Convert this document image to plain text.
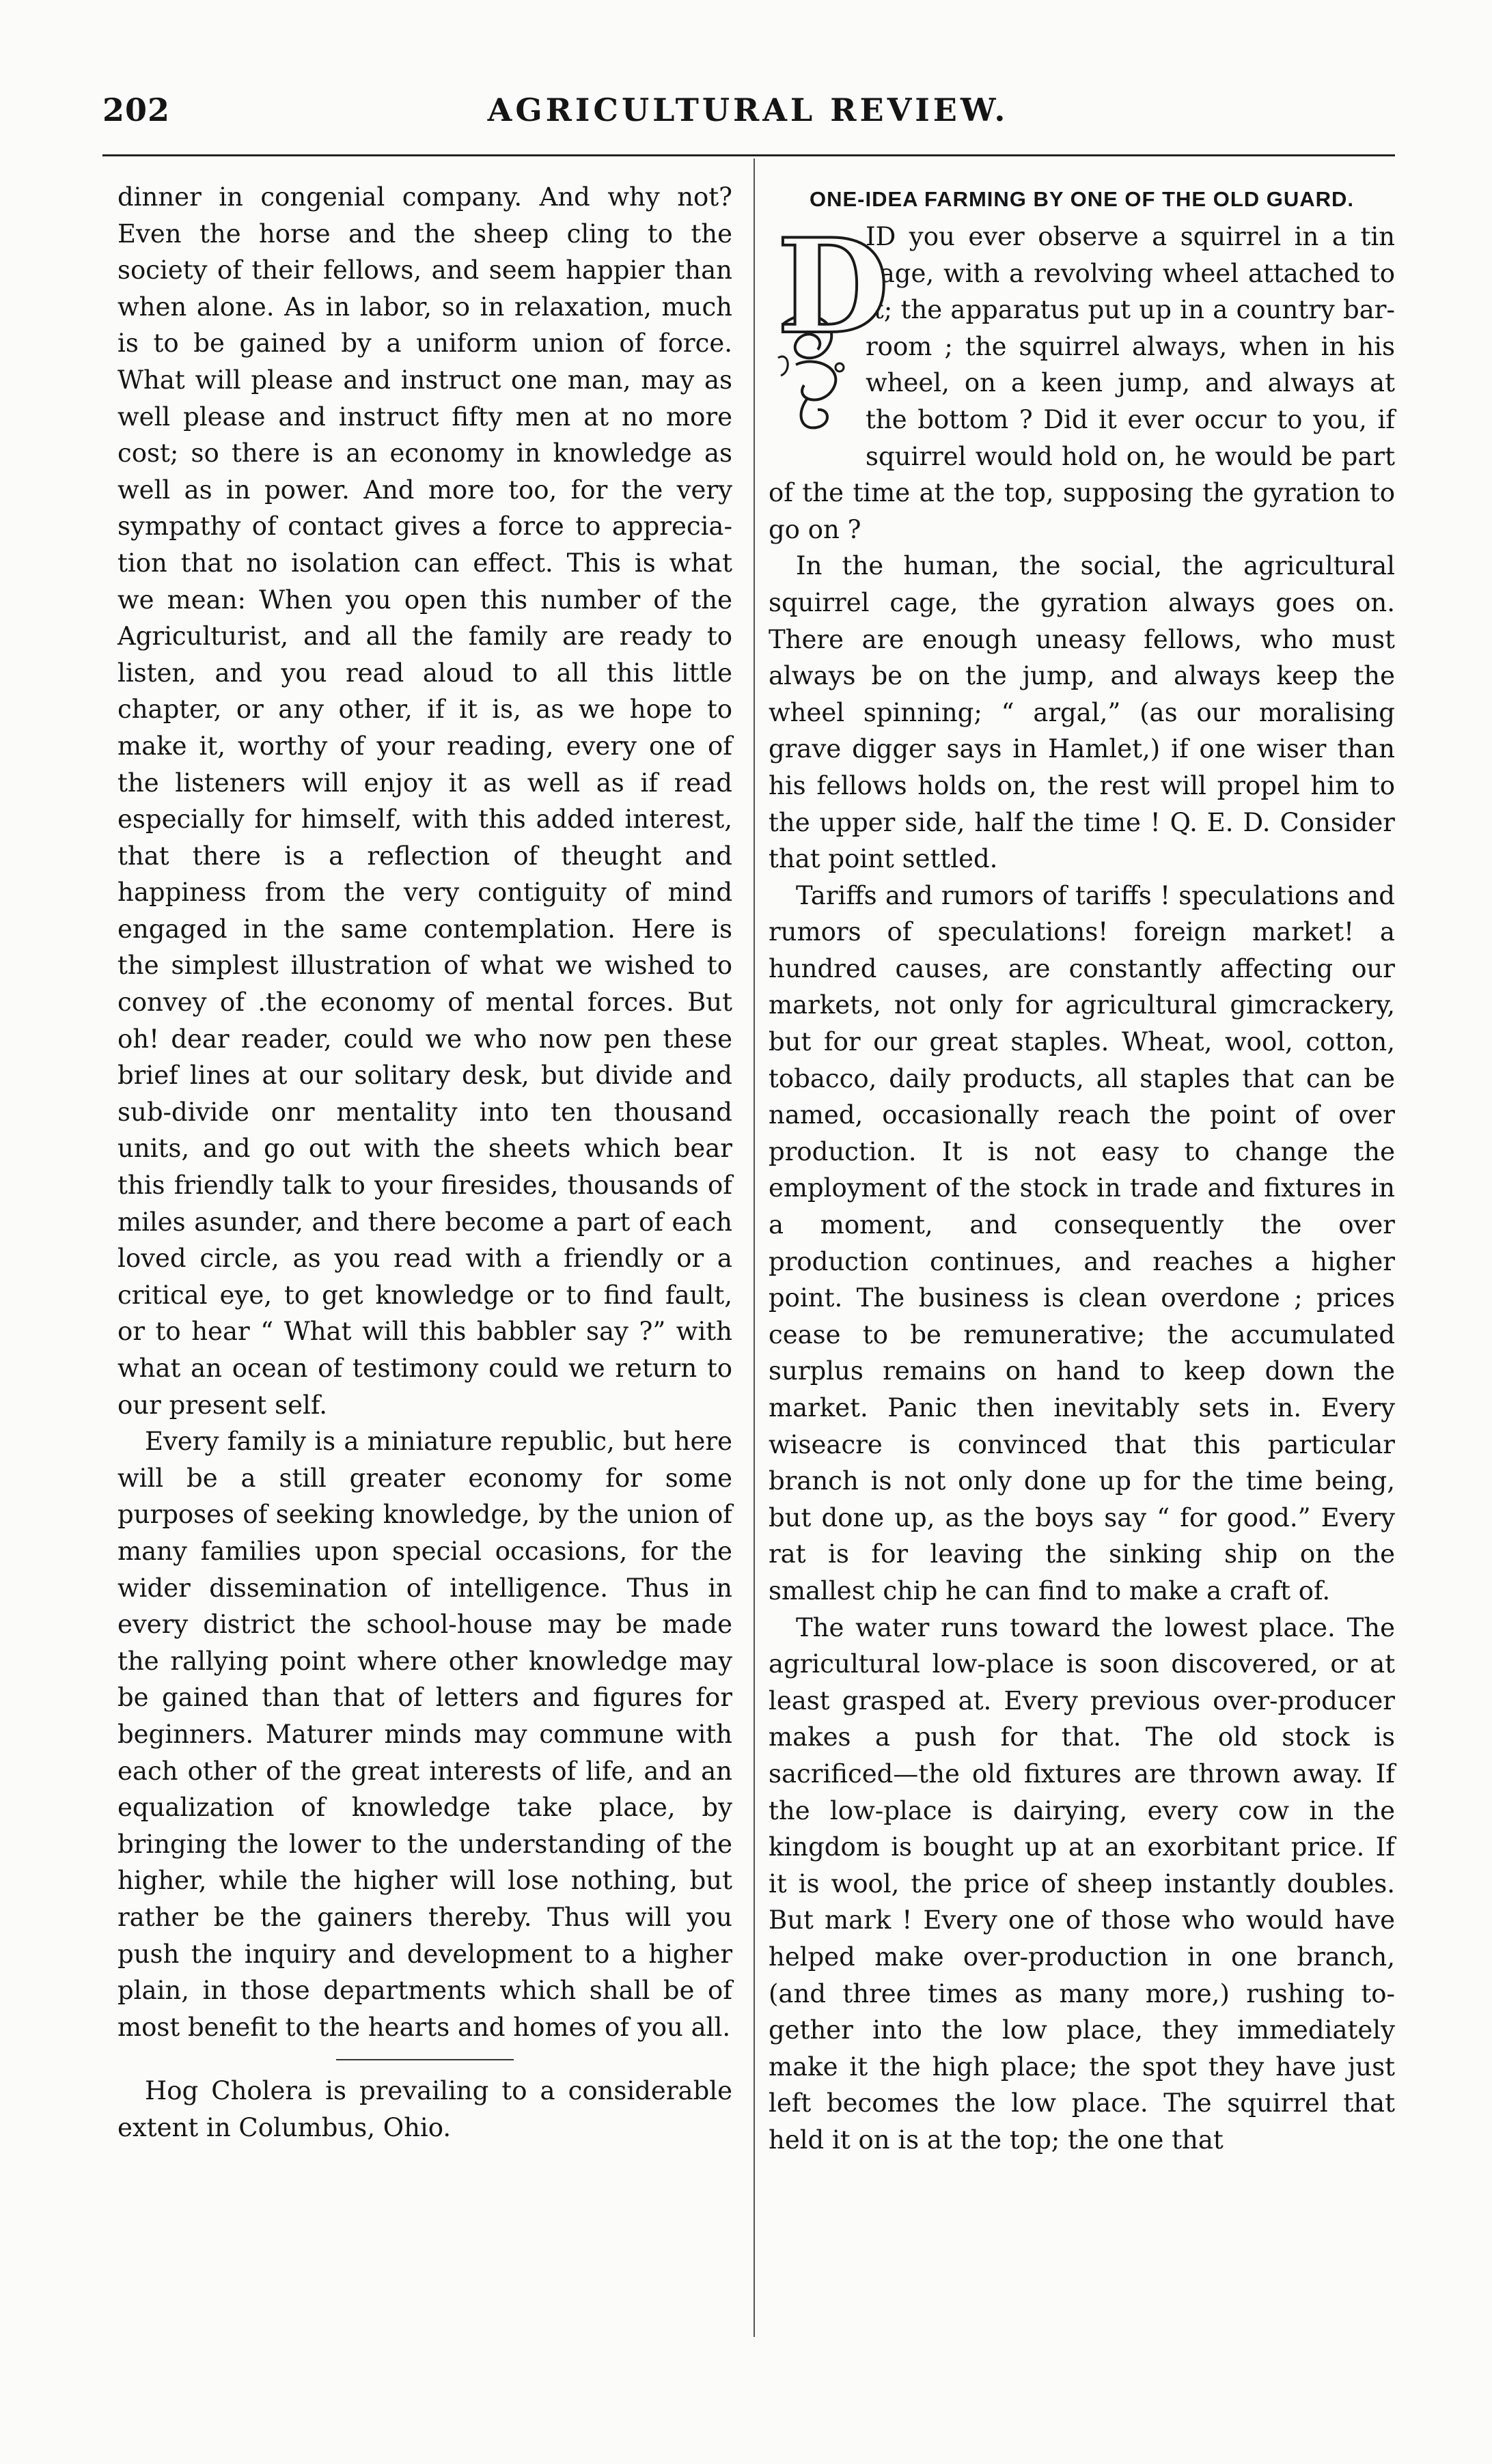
202	AGRICULTURAL REVIEW.

dinner in congenial company. And why not? Even the horse and the sheep cling to the society of their fellows, and seem happier than when alone. As in labor, so in relaxation, much is to be gained by a uniform union of force. What will please and instruct one man, may as well please and instruct fifty men at no more cost; so there is an economy in knowledge as well as in power. And more too, for the very sympathy of contact gives a force to appreciation that no isolation can effect. This is what we mean: When you open this number of the Agriculturist, and all the family are ready to listen, and you read aloud to all this little chapter, or any other, if it is, as we hope to make it, worthy of your reading, every one of the listeners will enjoy it as well as if read especially for himself, with this added interest, that there is a reflection of theught and happiness from the very contiguity of mind engaged in the same contemplation. Here is the simplest illustration of what we wished to convey of .the economy of mental forces. But oh! dear reader, could we who now pen these brief lines at our solitary desk, but divide and sub-divide onr mentality into ten thousand units, and go out with the sheets which bear this friendly talk to your firesides, thousands of miles asunder, and there become a part of each loved circle, as you read with a friendly or a critical eye, to get knowledge or to find fault, or to hear “ What will this babbler say ?” with what an ocean of testimony could we return to our present self.

Every family is a miniature republic, but here will be a still greater economy for some purposes of seeking knowledge, by the union of many families upon special occasions, for the wider dissemination of intelligence. Thus in every district the school-house may be made the rallying point where other knowledge may be gained than that of letters and figures for beginners. Maturer minds may commune with each other of the great interests of life, and an equalization of knowledge take place, by bringing the lower to the understanding of the higher, while the higher will lose nothing, but rather be the gainers thereby. Thus will you push the inquiry and development to a higher plain, in those departments which shall be of most benefit to the hearts and homes of you all.

Hog Cholera is prevailing to a considerable extent in Columbus, Ohio.

ONE-IDEA FARMING BY ONE OF THE OLD GUARD.
D

ID you ever observe a squirrel in a tin cage, with a revolving wheel attached to it; the apparatus put up in a country bar-room ; the squirrel always, when in his wheel, on a keen jump, and always at the bottom ? Did it ever occur to you, if squirrel would hold on, he would be part of the time at the top, supposing the gyration to go on ?

In the human, the social, the agricultural squirrel cage, the gyration always goes on. There are enough uneasy fellows, who must always be on the jump, and always keep the wheel spinning; “ argal,” (as our moralising grave digger says in Hamlet,) if one wiser than his fellows holds on, the rest will propel him to the upper side, half the time ! Q. E. D. Consider that point settled.

Tariffs and rumors of tariffs ! speculations and rumors of speculations! foreign market! a hundred causes, are constantly affecting our markets, not only for agricultural gimcrackery, but for our great staples. Wheat, wool, cotton, tobacco, daily products, all staples that can be named, occasionally reach the point of over production. It is not easy to change the employment of the stock in trade and fixtures in a moment, and consequently the over production continues, and reaches a higher point. The business is clean overdone ; prices cease to be remunerative; the accumulated surplus remains on hand to keep down the market. Panic then inevitably sets in. Every wiseacre is convinced that this particular branch is not only done up for the time being, but done up, as the boys say “ for good.” Every rat is for leaving the sinking ship on the smallest chip he can find to make a craft of.

The water runs toward the lowest place. The agricultural low-place is soon discovered, or at least grasped at. Every previous over-producer makes a push for that. The old stock is sacrificed—the old fixtures are thrown away. If the low-place is dairying, every cow in the kingdom is bought up at an exorbitant price. If it is wool, the price of sheep instantly doubles. But mark ! Every one of those who would have helped make over-production in one branch, (and three times as many more,) rushing together into the low place, they immediately make it the high place; the spot they have just left becomes the low place. The squirrel that held it on is at the top; the one that
